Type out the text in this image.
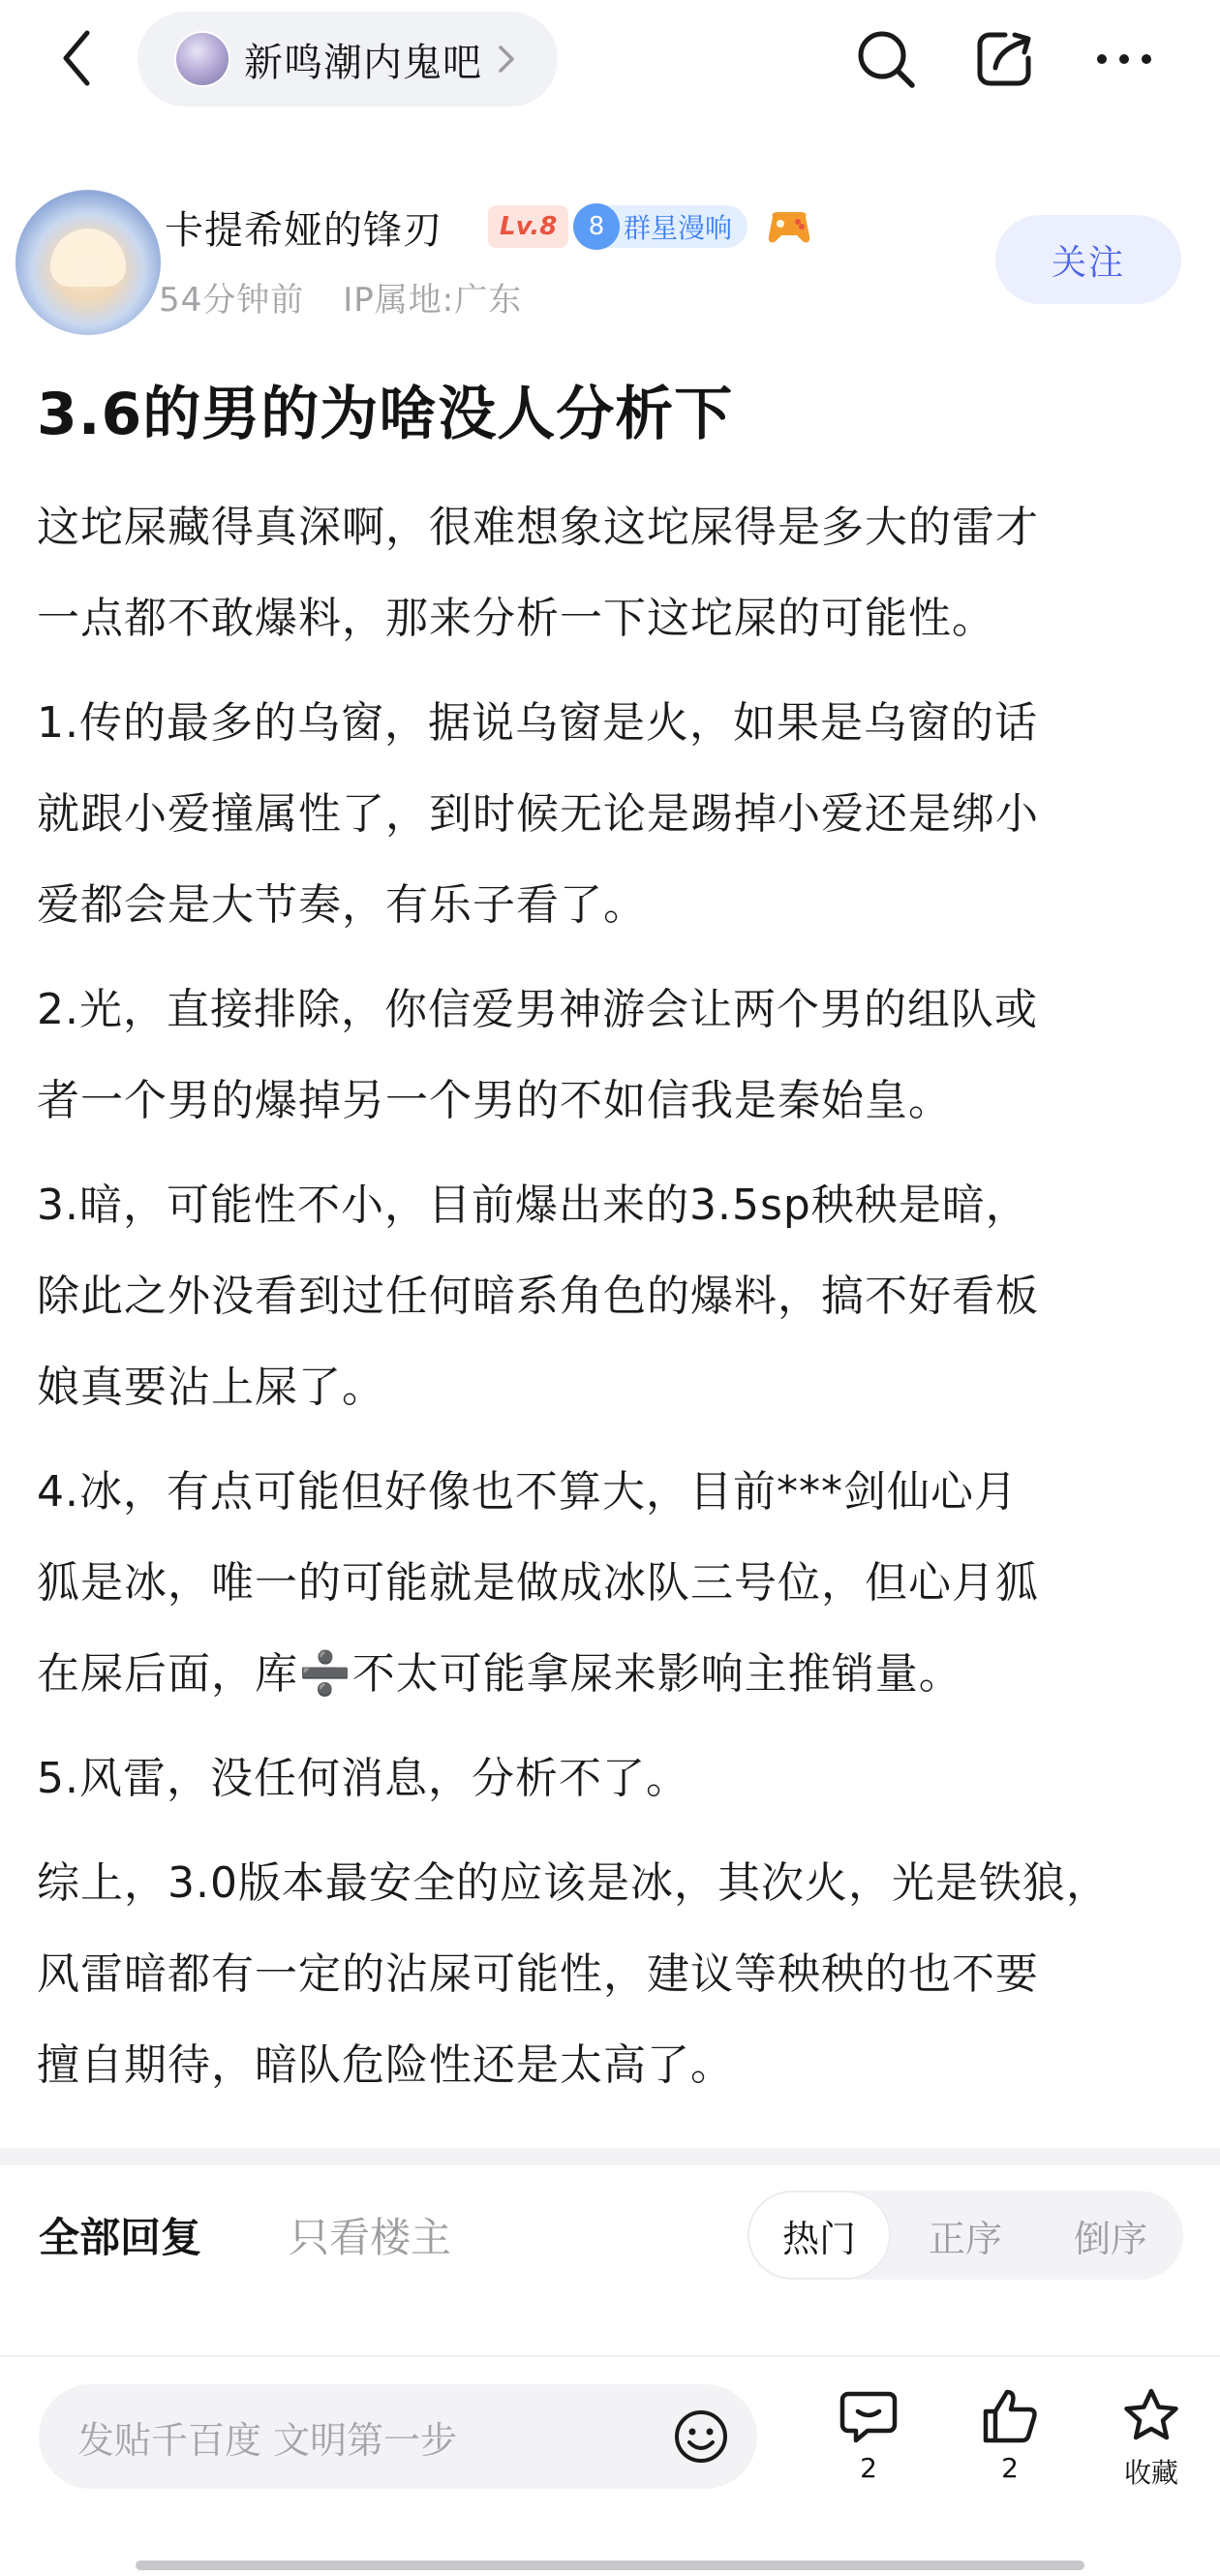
新鸣潮内鬼吧
卡提希娅的锋刃	Lv.8	8 群星漫响
54分钟前 IP属地:广东
关注
3.6的男的为啥没人分析下

这坨屎藏得真深啊，很难想象这坨屎得是多大的雷才
一点都不敢爆料，那来分析一下这坨屎的可能性。

1.传的最多的乌窗，据说乌窗是火，如果是乌窗的话
就跟小爱撞属性了，到时候无论是踢掉小爱还是绑小
爱都会是大节奏，有乐子看了。

2.光，直接排除，你信爱男神游会让两个男的组队或
者一个男的爆掉另一个男的不如信我是秦始皇。

3.暗，可能性不小，目前爆出来的3.5sp秧秧是暗，
除此之外没看到过任何暗系角色的爆料，搞不好看板
娘真要沾上屎了。

4.冰，有点可能但好像也不算大，目前***剑仙心月
狐是冰，唯一的可能就是做成冰队三号位，但心月狐
在屎后面，库➗不太可能拿屎来影响主推销量。

5.风雷，没任何消息，分析不了。

综上，3.0版本最安全的应该是冰，其次火，光是铁狼，
风雷暗都有一定的沾屎可能性，建议等秧秧的也不要
擅自期待，暗队危险性还是太高了。

全部回复 只看楼主	热门	正序	倒序
发贴千百度 文明第一步
2	2	收藏
